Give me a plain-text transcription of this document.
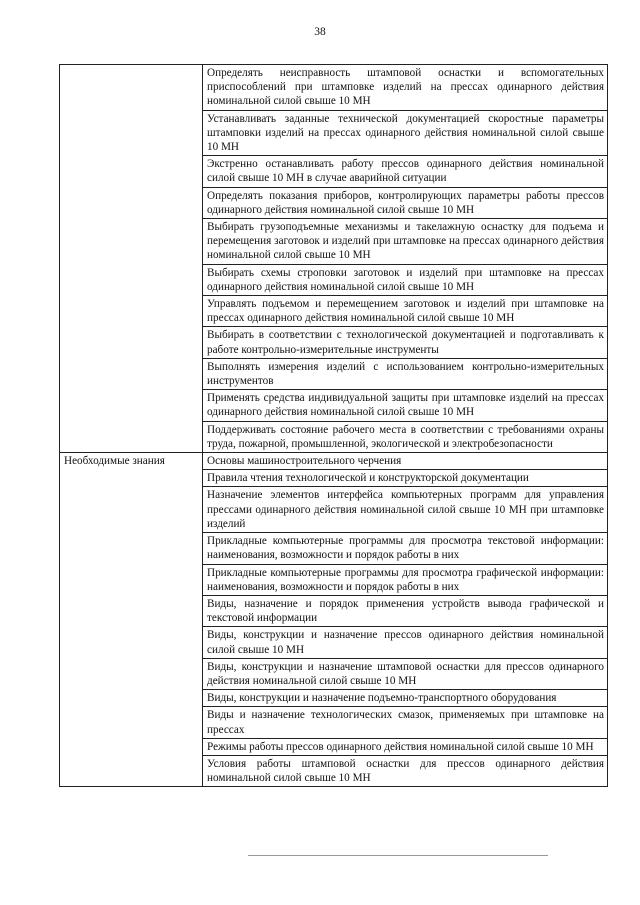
38
	Определять неисправность штамповой оснастки и вспомогательных приспособлений при штамповке изделий на прессах одинарного действия номинальной силой свыше 10 МН
	Устанавливать заданные технической документацией скоростные параметры штамповки изделий на прессах одинарного действия номинальной силой свыше 10 МН
	Экстренно останавливать работу прессов одинарного действия номинальной силой свыше 10 МН в случае аварийной ситуации
	Определять показания приборов, контролирующих параметры работы прессов одинарного действия номинальной силой свыше 10 МН
	Выбирать грузоподъемные механизмы и такелажную оснастку для подъема и перемещения заготовок и изделий при штамповке на прессах одинарного действия номинальной силой свыше 10 МН
	Выбирать схемы строповки заготовок и изделий при штамповке на прессах одинарного действия номинальной силой свыше 10 МН
	Управлять подъемом и перемещением заготовок и изделий при штамповке на прессах одинарного действия номинальной силой свыше 10 МН
	Выбирать в соответствии с технологической документацией и подготавливать к работе контрольно-измерительные инструменты
	Выполнять измерения изделий с использованием контрольно-измерительных инструментов
	Применять средства индивидуальной защиты при штамповке изделий на прессах одинарного действия номинальной силой свыше 10 МН
	Поддерживать состояние рабочего места в соответствии с требованиями охраны труда, пожарной, промышленной, экологической и электробезопасности
Необходимые знания	Основы машиностроительного черчения
	Правила чтения технологической и конструкторской документации
	Назначение элементов интерфейса компьютерных программ для управления прессами одинарного действия номинальной силой свыше 10 МН при штамповке изделий
	Прикладные компьютерные программы для просмотра текстовой информации: наименования, возможности и порядок работы в них
	Прикладные компьютерные программы для просмотра графической информации: наименования, возможности и порядок работы в них
	Виды, назначение и порядок применения устройств вывода графической и текстовой информации
	Виды, конструкции и назначение прессов одинарного действия номинальной силой свыше 10 МН
	Виды, конструкции и назначение штамповой оснастки для прессов одинарного действия номинальной силой свыше 10 МН
	Виды, конструкции и назначение подъемно-транспортного оборудования
	Виды и назначение технологических смазок, применяемых при штамповке на прессах
	Режимы работы прессов одинарного действия номинальной силой свыше 10 МН
	Условия работы штамповой оснастки для прессов одинарного действия номинальной силой свыше 10 МН
